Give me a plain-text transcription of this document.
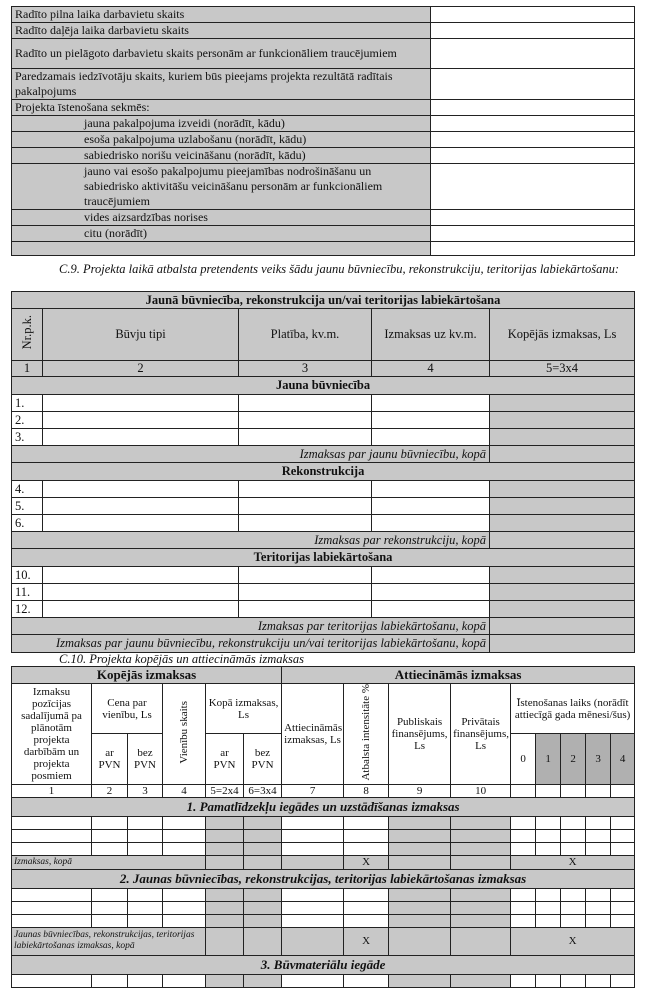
Radīto pilna laika darbavietu skaits	
Radīto daļēja laika darbavietu skaits	
Radīto un pielāgoto darbavietu skaits personām ar funkcionāliem traucējumiem	
Paredzamais iedzīvotāju skaits, kuriem būs pieejams projekta rezultātā radītais pakalpojums	
Projekta īstenošana sekmēs:	
jauna pakalpojuma izveidi (norādīt, kādu)	
esoša pakalpojuma uzlabošanu (norādīt, kādu)	
sabiedrisko norišu veicināšanu (norādīt, kādu)	
jauno vai esošo pakalpojumu pieejamības nodrošināšanu un sabiedrisko aktivitāšu veicināšanu personām ar funkcionāliem traucējumiem	
vides aizsardzības norises	
citu (norādīt)	

C.9. Projekta laikā atbalsta pretendents veiks šādu jaunu būvniecību, rekonstrukciju, teritorijas labiekārtošanu:
Jaunā būvniecība, rekonstrukcija un/vai teritorijas labiekārtošana				
Nr.p.k.	Būvju tipi	Platība, kv.m.	Izmaksas uz kv.m.	Kopējās izmaksas, Ls
1	2	3	4	5=3x4
Jauna būvniecība				
1.				
2.				
3.				
Izmaksas par jaunu būvniecību, kopā				
Rekonstrukcija				
4.				
5.				
6.				
Izmaksas par rekonstrukciju, kopā				
Teritorijas labiekārtošana				
10.				
11.				
12.				
Izmaksas par teritorijas labiekārtošanu, kopā				
Izmaksas par jaunu būvniecību, rekonstrukciju un/vai teritorijas labiekārtošanu, kopā				
C.10. Projekta kopējās un attiecināmās izmaksas
Kopējās izmaksas						Attiecināmās izmaksas								
Izmaksu pozīcijas sadalījumā pa plānotām projekta darbībām un projekta posmiem	Cena par vienību, Ls		Vienību skaits	Kopā izmaksas, Ls		Attiecināmās izmaksas, Ls	Atbalsta intensitāte %	Publiskais finansējums, Ls	Privātais finansējums, Ls	Īstenošanas laiks (norādīt attiecīgā gada mēnesi/šus)				
	ar PVN	bez PVN		ar PVN	bez PVN					0	1	2	3	4
1	2	3	4	5=2x4	6=3x4	7	8	9	10					
1. Pamatlīdzekļu iegādes un uzstādīšanas izmaksas														

Izmaksas, kopā							X			X				
2. Jaunas būvniecības, rekonstrukcijas, teritorijas labiekārtošanas izmaksas														

Jaunas būvniecības, rekonstrukcijas, teritorijas labiekārtošanas izmaksas, kopā							X			X				
3. Būvmateriālu iegāde														
